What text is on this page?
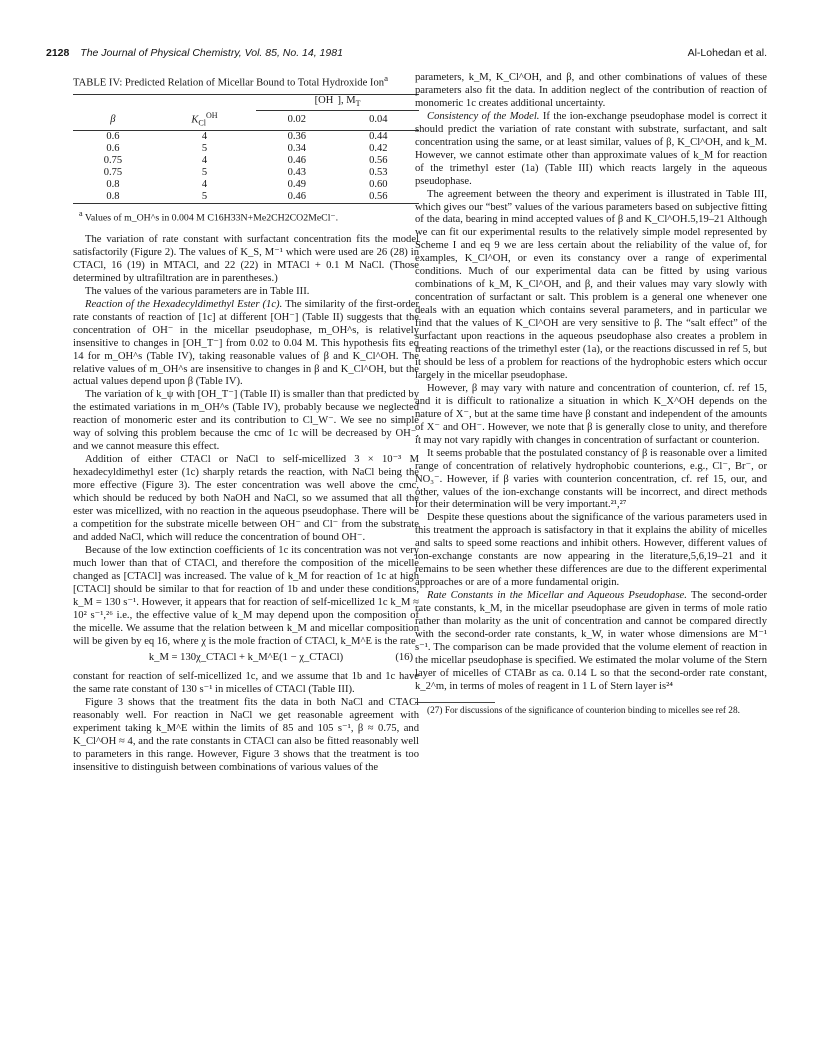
2128 The Journal of Physical Chemistry, Vol. 85, No. 14, 1981	Al-Lohedan et al.
TABLE IV: Predicted Relation of Micellar Bound to Total Hydroxide Ion$^a$
		[OH  ], $M_T$
β	$K_{Cl}^{OH}$	0.02	0.04
0.6	4	0.36	0.44
0.6	5	0.34	0.42
0.75	4	0.46	0.56
0.75	5	0.43	0.53
0.8	4	0.49	0.60
0.8	5	0.46	0.56
$^a$ Values of m_OH^s in 0.004 M C16H33N+Me2CH2CO2MeCl⁻.

The variation of rate constant with surfactant concentration fits the model satisfactorily (Figure 2). The values of K_S, M⁻¹ which were used are 26 (28) in CTACl, 16 (19) in MTACl, and 22 (22) in MTACl + 0.1 M NaCl. (Those determined by ultrafiltration are in parentheses.)

The values of the various parameters are in Table III.

Reaction of the Hexadecyldimethyl Ester (1c). The similarity of the first-order rate constants of reaction of [1c] at different [OH⁻] (Table II) suggests that the concentration of OH⁻ in the micellar pseudophase, m_OH^s, is relatively insensitive to changes in [OH_T⁻] from 0.02 to 0.04 M. This hypothesis fits eq 14 for m_OH^s (Table IV), taking reasonable values of β and K_Cl^OH. The relative values of m_OH^s are insensitive to changes in β and K_Cl^OH, but the actual values depend upon β (Table IV).

The variation of k_ψ with [OH_T⁻] (Table II) is smaller than that predicted by the estimated variations in m_OH^s (Table IV), probably because we neglected reaction of monomeric ester and its contribution to Cl_W⁻. We see no simple way of solving this problem because the cmc of 1c will be decreased by OH⁻, and we cannot measure this effect.

Addition of either CTACl or NaCl to self-micellized 3 × 10⁻³ M hexadecyldimethyl ester (1c) sharply retards the reaction, with NaCl being the more effective (Figure 3). The ester concentration was well above the cmc, which should be reduced by both NaOH and NaCl, so we assumed that all the ester was micellized, with no reaction in the aqueous pseudophase. There will be a competition for the substrate micelle between OH⁻ and Cl⁻ from the substrate and added NaCl, which will reduce the concentration of bound OH⁻.

Because of the low extinction coefficients of 1c its concentration was not very much lower than that of CTACl, and therefore the composition of the micelle changed as [CTACl] was increased. The value of k_M for reaction of 1c at high [CTACl] should be similar to that for reaction of 1b and under these conditions, k_M = 130 s⁻¹. However, it appears that for reaction of self-micellized 1c k_M ≈ 10² s⁻¹,²⁶ i.e., the effective value of k_M may depend upon the composition of the micelle. We assume that the relation between k_M and micellar composition will be given by eq 16, where χ is the mole fraction of CTACl, k_M^E is the rate

k_M = 130χ_CTACl + k_M^E(1 − χ_CTACl)	(16)

constant for reaction of self-micellized 1c, and we assume that 1b and 1c have the same rate constant of 130 s⁻¹ in micelles of CTACl (Table III).

Figure 3 shows that the treatment fits the data in both NaCl and CTACl reasonably well. For reaction in NaCl we get reasonable agreement with experiment taking k_M^E within the limits of 85 and 105 s⁻¹, β ≈ 0.75, and K_Cl^OH ≈ 4, and the rate constants in CTACl can also be fitted reasonably well to parameters in this range. However, Figure 3 shows that the treatment is too insensitive to distinguish between combinations of various values of the

parameters, k_M, K_Cl^OH, and β, and other combinations of values of these parameters also fit the data. In addition neglect of the contribution of reaction of monomeric 1c creates additional uncertainty.

Consistency of the Model. If the ion-exchange pseudophase model is correct it should predict the variation of rate constant with substrate, surfactant, and salt concentration using the same, or at least similar, values of β, K_Cl^OH, and k_M. However, we cannot estimate other than approximate values of k_M for reaction of the trimethyl ester (1a) (Table III) which reacts largely in the aqueous pseudophase.

The agreement between the theory and experiment is illustrated in Table III, which gives our “best” values of the various parameters based on subjective fitting of the data, bearing in mind accepted values of β and K_Cl^OH.5,19–21 Although we can fit our experimental results to the relatively simple model represented by Scheme I and eq 9 we are less certain about the reliability of the value of, for examples, K_Cl^OH, or even its constancy over a range of experimental conditions. Much of our experimental data can be fitted by using various combinations of k_M, K_Cl^OH, and β, and their values may vary slowly with concentration of surfactant or salt. This problem is a general one whenever one deals with an equation which contains several parameters, and in particular we find that the values of K_Cl^OH are very sensitive to β. The “salt effect” of the surfactant upon reactions in the aqueous pseudophase also creates a problem in treating reactions of the trimethyl ester (1a), or the reactions discussed in ref 5, but it should be less of a problem for reactions of the hydrophobic esters which occur largely in the micellar pseudophase.

However, β may vary with nature and concentration of counterion, cf. ref 15, and it is difficult to rationalize a situation in which K_X^OH depends on the nature of X⁻, but at the same time have β constant and independent of the amounts of X⁻ and OH⁻. However, we note that β is generally close to unity, and therefore it may not vary rapidly with changes in concentration of surfactant or counterion.

It seems probable that the postulated constancy of β is reasonable over a limited range of concentration of relatively hydrophobic counterions, e.g., Cl⁻, Br⁻, or NO₃⁻. However, if β varies with counterion concentration, cf. ref 15, our, and other, values of the ion-exchange constants will be incorrect, and direct methods for their determination will be very important.²¹,²⁷

Despite these questions about the significance of the various parameters used in this treatment the approach is satisfactory in that it explains the ability of micelles and salts to speed some reactions and inhibit others. However, different values of ion-exchange constants are now appearing in the literature,5,6,19–21 and it remains to be seen whether these differences are due to the different experimental approaches or are of a more fundamental origin.

Rate Constants in the Micellar and Aqueous Pseudophase. The second-order rate constants, k_M, in the micellar pseudophase are given in terms of mole ratio rather than molarity as the unit of concentration and cannot be compared directly with the second-order rate constants, k_W, in water whose dimensions are M⁻¹ s⁻¹. The comparison can be made provided that the volume element of reaction in the micellar pseudophase is specified. We estimated the molar volume of the Stern layer of micelles of CTABr as ca. 0.14 L so that the second-order rate constant, k_2^m, in terms of moles of reagent in 1 L of Stern layer is²⁴

(27) For discussions of the significance of counterion binding to micelles see ref 28.
